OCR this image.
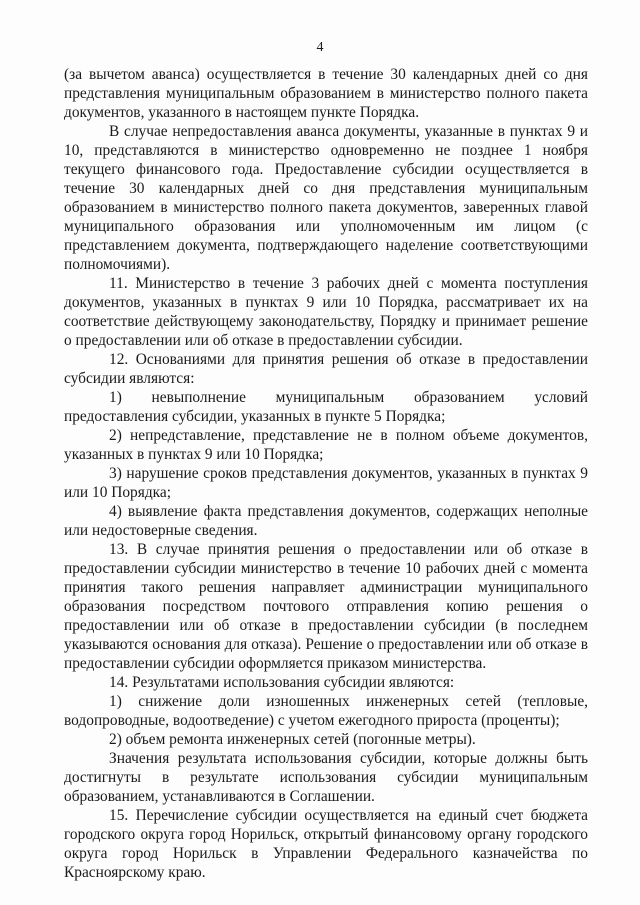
4

(за вычетом аванса) осуществляется в течение 30 календарных дней со дня представления муниципальным образованием в министерство полного пакета документов, указанного в настоящем пункте Порядка.

В случае непредоставления аванса документы, указанные в пунктах 9 и 10, представляются в министерство одновременно не позднее 1 ноября текущего финансового года. Предоставление субсидии осуществляется в течение 30 календарных дней со дня представления муниципальным образованием в министерство полного пакета документов, заверенных главой муниципального образования или уполномоченным им лицом (с представлением документа, подтверждающего наделение соответствующими полномочиями).

11. Министерство в течение 3 рабочих дней с момента поступления документов, указанных в пунктах 9 или 10 Порядка, рассматривает их на соответствие действующему законодательству, Порядку и принимает решение о предоставлении или об отказе в предоставлении субсидии.

12. Основаниями для принятия решения об отказе в предоставлении субсидии являются:

1) невыполнение муниципальным образованием условий предоставления субсидии, указанных в пункте 5 Порядка;

2) непредставление, представление не в полном объеме документов, указанных в пунктах 9 или 10 Порядка;

3) нарушение сроков представления документов, указанных в пунктах 9 или 10 Порядка;

4) выявление факта представления документов, содержащих неполные или недостоверные сведения.

13. В случае принятия решения о предоставлении или об отказе в предоставлении субсидии министерство в течение 10 рабочих дней с момента принятия такого решения направляет администрации муниципального образования посредством почтового отправления копию решения о предоставлении или об отказе в предоставлении субсидии (в последнем указываются основания для отказа). Решение о предоставлении или об отказе в предоставлении субсидии оформляется приказом министерства.

14. Результатами использования субсидии являются:

1) снижение доли изношенных инженерных сетей (тепловые, водопроводные, водоотведение) с учетом ежегодного прироста (проценты);

2) объем ремонта инженерных сетей (погонные метры).

Значения результата использования субсидии, которые должны быть достигнуты в результате использования субсидии муниципальным образованием, устанавливаются в Соглашении.

15. Перечисление субсидии осуществляется на единый счет бюджета городского округа город Норильск, открытый финансовому органу городского округа город Норильск в Управлении Федерального казначейства по Красноярскому краю.
